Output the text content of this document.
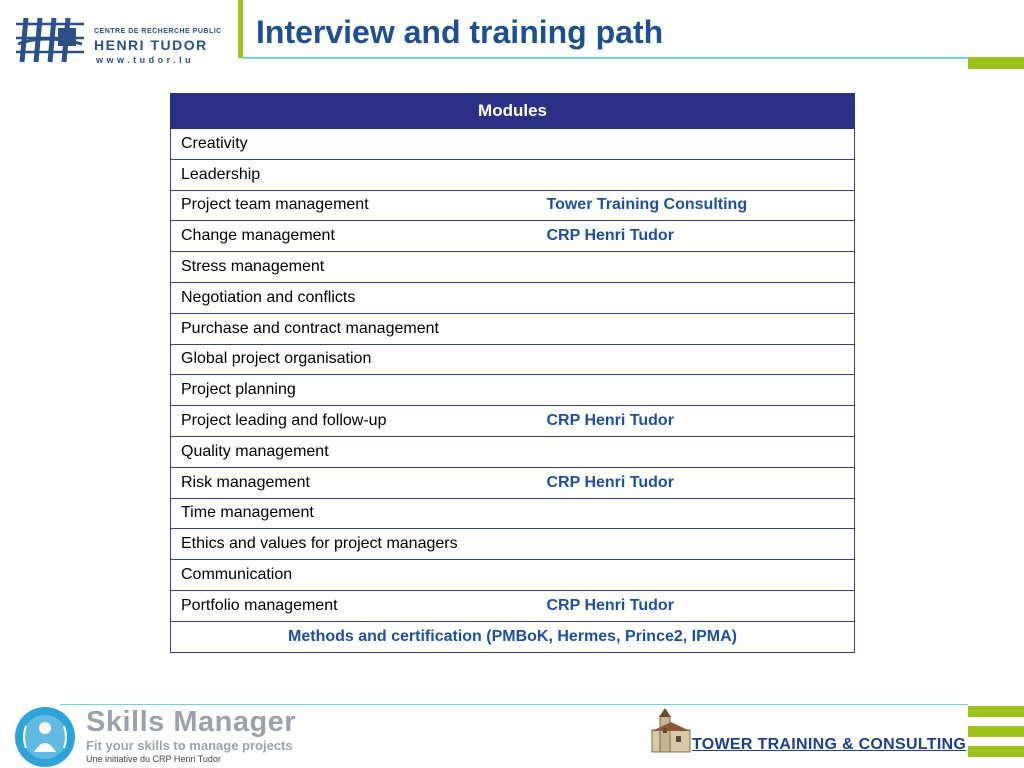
CENTRE DE RECHERCHE PUBLIC
HENRI TUDOR
www.tudor.lu
Interview and training path
Modules	
Creativity	
Leadership	
Project team management	Tower Training Consulting
Change management	CRP Henri Tudor
Stress management	
Negotiation and conflicts	
Purchase and contract management	
Global project organisation	
Project planning	
Project leading and follow-up	CRP Henri Tudor
Quality management	
Risk management	CRP Henri Tudor
Time management	
Ethics and values for project managers	
Communication	
Portfolio management	CRP Henri Tudor
Methods and certification (PMBoK, Hermes, Prince2, IPMA)	
Skills Manager
Fit your skills to manage projects
Une initiative du CRP Henri Tudor
TOWER TRAINING & CONSULTING
